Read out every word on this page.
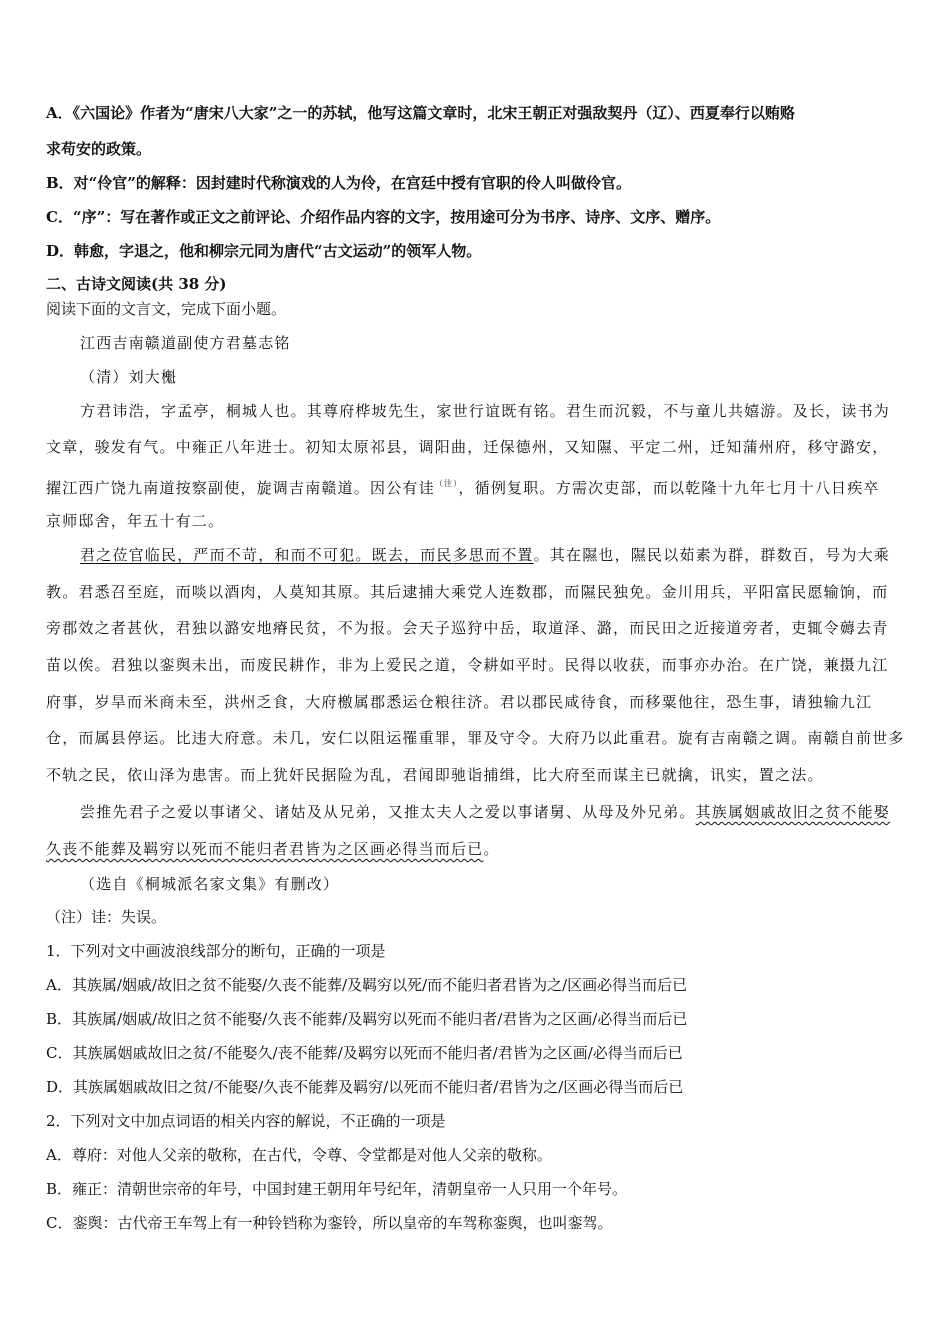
A．《六国论》作者为“唐宋八大家”之一的苏轼，他写这篇文章时，北宋王朝正对强敌契丹（辽）、西夏奉行以贿赂
求苟安的政策。
B．对“伶官”的解释：因封建时代称演戏的人为伶，在宫廷中授有官职的伶人叫做伶官。
C．“序”：写在著作或正文之前评论、介绍作品内容的文字，按用途可分为书序、诗序、文序、赠序。
D．韩愈，字退之，他和柳宗元同为唐代“古文运动”的领军人物。
二、古诗文阅读(共 38 分)
阅读下面的文言文，完成下面小题。
江西吉南赣道副使方君墓志铭
（清）刘大櫆
方君讳浩，字孟亭，桐城人也。其尊府桦坡先生，家世行谊既有铭。君生而沉毅，不与童儿共嬉游。及长，读书为
文章，骏发有气。中雍正八年进士。初知太原祁县，调阳曲，迁保德州，又知隰、平定二州，迁知蒲州府，移守潞安，
擢江西广饶九南道按察副使，旋调吉南赣道。因公有诖$^{(注)}$，循例复职。方需次吏部，而以乾隆十九年七月十八日疾卒
京师邸舍，年五十有二。
君之莅官临民，严而不苛，和而不可犯。既去，而民多思而不置。其在隰也，隰民以茹素为群，群数百，号为大乘
教。君悉召至庭，而啖以酒肉，人莫知其原。其后逮捕大乘党人连数郡，而隰民独免。金川用兵，平阳富民愿输饷，而
旁郡效之者甚伙，君独以潞安地瘠民贫，不为报。会天子巡狩中岳，取道泽、潞，而民田之近接道旁者，吏辄令薅去青
苗以俟。君独以銮舆未出，而废民耕作，非为上爱民之道，令耕如平时。民得以收获，而事亦办治。在广饶，兼摄九江
府事，岁旱而米商未至，洪州乏食，大府檄属郡悉运仓粮往济。君以郡民咸待食，而移粟他往，恐生事，请独输九江
仓，而属县停运。比违大府意。未几，安仁以阻运罹重罪，罪及守令。大府乃以此重君。旋有吉南赣之调。南赣自前世多
不轨之民，依山泽为患害。而上犹奸民据险为乱，君闻即驰诣捕缉，比大府至而谋主已就擒，讯实，置之法。
尝推先君子之爱以事诸父、诸姑及从兄弟，又推太夫人之爱以事诸舅、从母及外兄弟。其族属姻戚故旧之贫不能娶
久丧不能葬及羁穷以死而不能归者君皆为之区画必得当而后已。
（选自《桐城派名家文集》有删改）
（注）诖：失误。
1．下列对文中画波浪线部分的断句，正确的一项是
A．其族属/姻戚/故旧之贫不能娶/久丧不能葬/及羁穷以死/而不能归者君皆为之/区画必得当而后已
B．其族属/姻戚/故旧之贫不能娶/久丧不能葬/及羁穷以死而不能归者/君皆为之区画/必得当而后已
C．其族属姻戚故旧之贫/不能娶久/丧不能葬/及羁穷以死而不能归者/君皆为之区画/必得当而后已
D．其族属姻戚故旧之贫/不能娶/久丧不能葬及羁穷/以死而不能归者/君皆为之/区画必得当而后已
2．下列对文中加点词语的相关内容的解说，不正确的一项是
A．尊府：对他人父亲的敬称，在古代，令尊、令堂都是对他人父亲的敬称。
B．雍正：清朝世宗帝的年号，中国封建王朝用年号纪年，清朝皇帝一人只用一个年号。
C．銮舆：古代帝王车驾上有一种铃铛称为銮铃，所以皇帝的车驾称銮舆，也叫銮驾。
